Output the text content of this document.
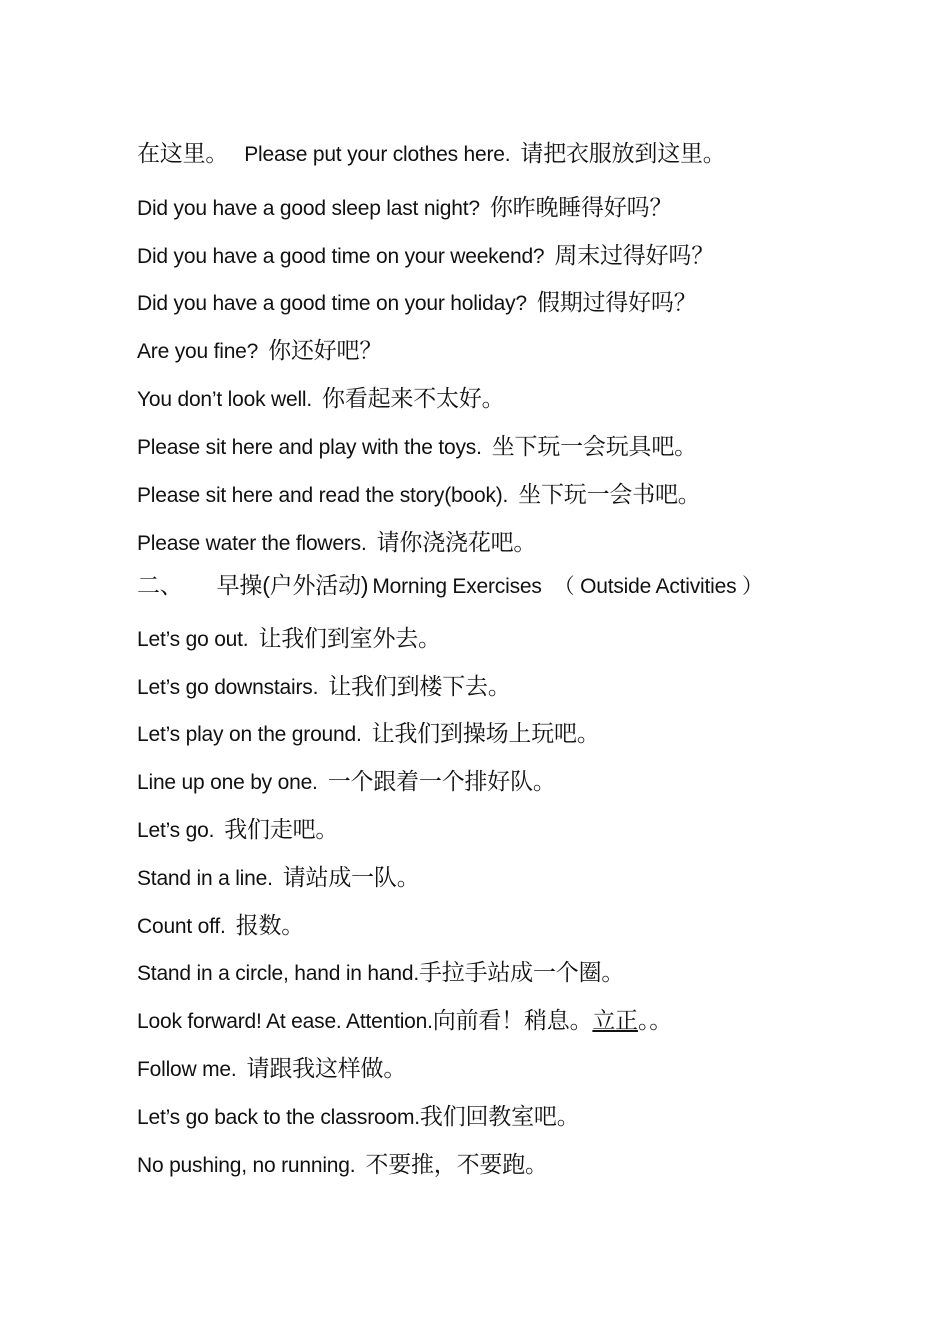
在这里。 Please put your clothes here. 请把衣服放到这里。
Did you have a good sleep last night? 你昨晚睡得好吗？
Did you have a good time on your weekend? 周末过得好吗？
Did you have a good time on your holiday? 假期过得好吗？
Are you fine? 你还好吧？
You don’t look well. 你看起来不太好。
Please sit here and play with the toys. 坐下玩一会玩具吧。
Please sit here and read the story(book). 坐下玩一会书吧。
Please water the flowers. 请你浇浇花吧。
二、 早操(户外活动) Morning Exercises （ Outside Activities ）
Let’s go out. 让我们到室外去。
Let’s go downstairs. 让我们到楼下去。
Let’s play on the ground. 让我们到操场上玩吧。
Line up one by one. 一个跟着一个排好队。
Let’s go. 我们走吧。
Stand in a line. 请站成一队。
Count off. 报数。
Stand in a circle, hand in hand.手拉手站成一个圈。
Look forward! At ease. Attention.向前看！稍息。立正。。
Follow me. 请跟我这样做。
Let’s go back to the classroom.我们回教室吧。
No pushing, no running. 不要推，不要跑。
